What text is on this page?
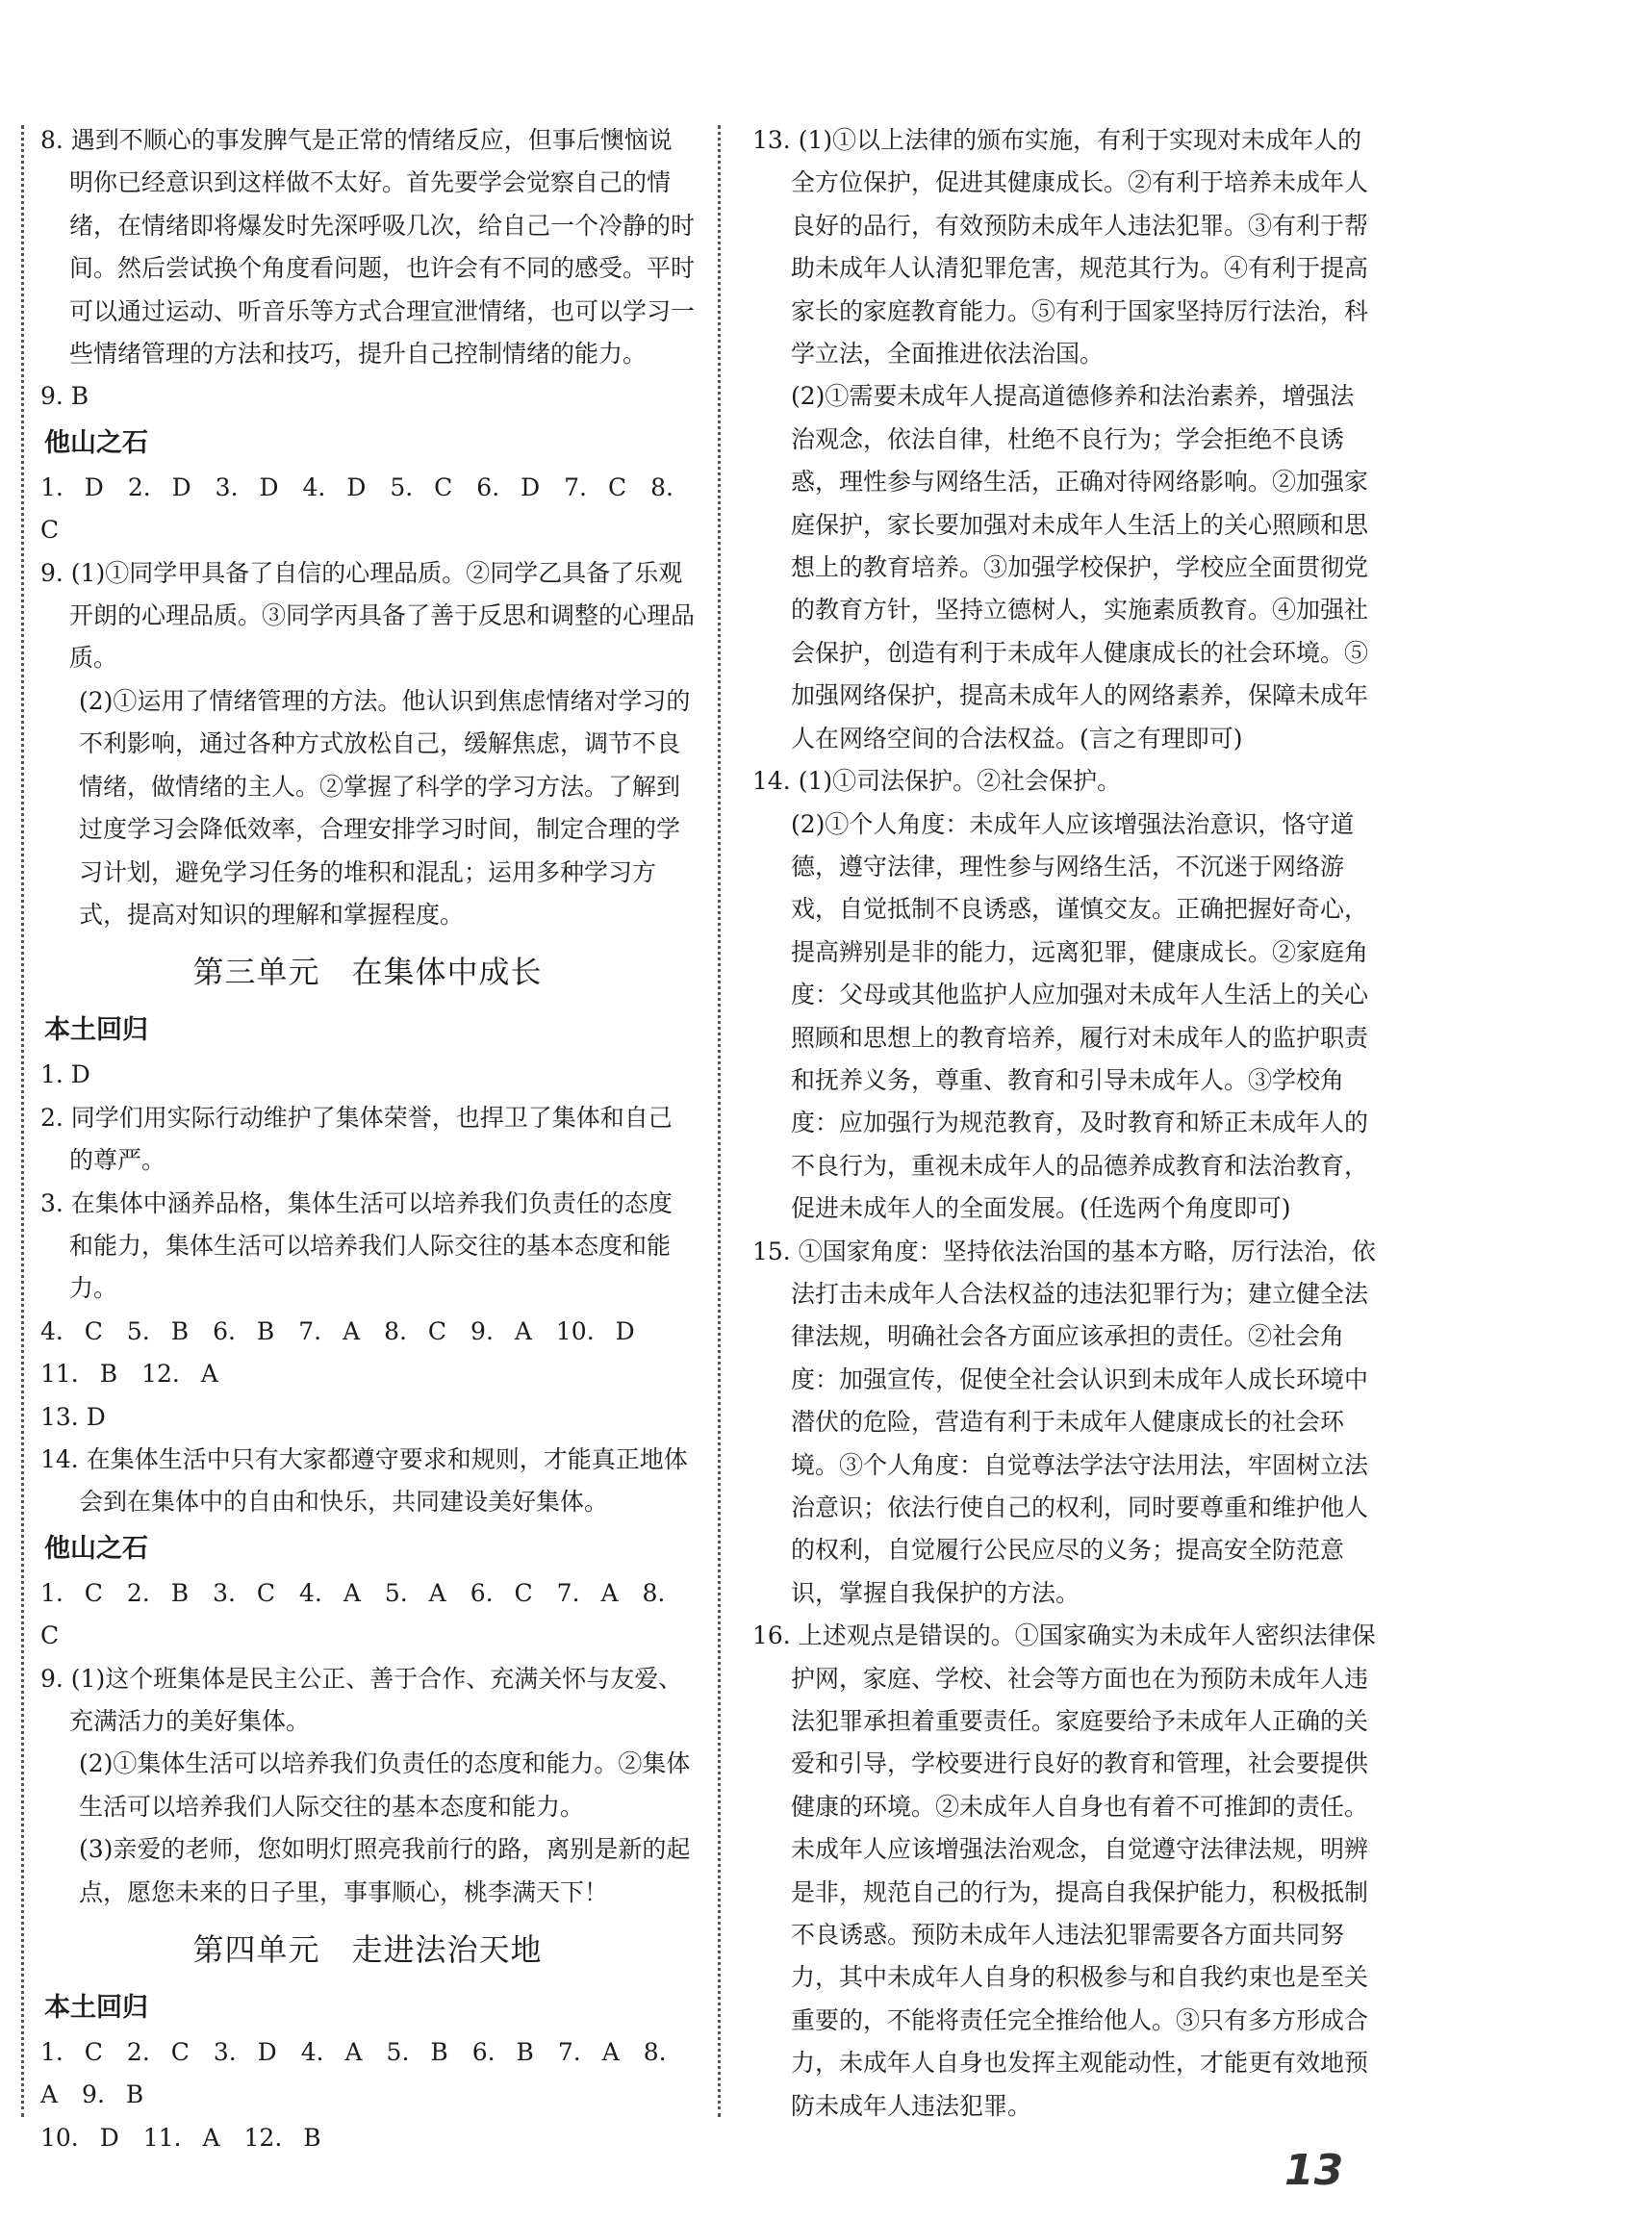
8. 遇到不顺心的事发脾气是正常的情绪反应，但事后懊恼说明你已经意识到这样做不太好。首先要学会觉察自己的情绪，在情绪即将爆发时先深呼吸几次，给自己一个冷静的时间。然后尝试换个角度看问题，也许会有不同的感受。平时可以通过运动、听音乐等方式合理宣泄情绪，也可以学习一些情绪管理的方法和技巧，提升自己控制情绪的能力。

9. B

他山之石

1. D　2. D　3. D　4. D　5. C　6. D　7. C　8. C

9. (1)①同学甲具备了自信的心理品质。②同学乙具备了乐观开朗的心理品质。③同学丙具备了善于反思和调整的心理品质。

(2)①运用了情绪管理的方法。他认识到焦虑情绪对学习的不利影响，通过各种方式放松自己，缓解焦虑，调节不良情绪，做情绪的主人。②掌握了科学的学习方法。了解到过度学习会降低效率，合理安排学习时间，制定合理的学习计划，避免学习任务的堆积和混乱；运用多种学习方式，提高对知识的理解和掌握程度。

第三单元　在集体中成长
本土回归

1. D

2. 同学们用实际行动维护了集体荣誉，也捍卫了集体和自己的尊严。

3. 在集体中涵养品格，集体生活可以培养我们负责任的态度和能力，集体生活可以培养我们人际交往的基本态度和能力。

4. C　5. B　6. B　7. A　8. C　9. A　10. D　11. B　12. A

13. D

14. 在集体生活中只有大家都遵守要求和规则，才能真正地体会到在集体中的自由和快乐，共同建设美好集体。

他山之石

1. C　2. B　3. C　4. A　5. A　6. C　7. A　8. C

9. (1)这个班集体是民主公正、善于合作、充满关怀与友爱、充满活力的美好集体。

(2)①集体生活可以培养我们负责任的态度和能力。②集体生活可以培养我们人际交往的基本态度和能力。

(3)亲爱的老师，您如明灯照亮我前行的路，离别是新的起点，愿您未来的日子里，事事顺心，桃李满天下！

第四单元　走进法治天地
本土回归

1. C　2. C　3. D　4. A　5. B　6. B　7. A　8. A　9. B

10. D　11. A　12. B

13. (1)①以上法律的颁布实施，有利于实现对未成年人的全方位保护，促进其健康成长。②有利于培养未成年人良好的品行，有效预防未成年人违法犯罪。③有利于帮助未成年人认清犯罪危害，规范其行为。④有利于提高家长的家庭教育能力。⑤有利于国家坚持厉行法治，科学立法，全面推进依法治国。

(2)①需要未成年人提高道德修养和法治素养，增强法治观念，依法自律，杜绝不良行为；学会拒绝不良诱惑，理性参与网络生活，正确对待网络影响。②加强家庭保护，家长要加强对未成年人生活上的关心照顾和思想上的教育培养。③加强学校保护，学校应全面贯彻党的教育方针，坚持立德树人，实施素质教育。④加强社会保护，创造有利于未成年人健康成长的社会环境。⑤加强网络保护，提高未成年人的网络素养，保障未成年人在网络空间的合法权益。(言之有理即可)

14. (1)①司法保护。②社会保护。

(2)①个人角度：未成年人应该增强法治意识，恪守道德，遵守法律，理性参与网络生活，不沉迷于网络游戏，自觉抵制不良诱惑，谨慎交友。正确把握好奇心，提高辨别是非的能力，远离犯罪，健康成长。②家庭角度：父母或其他监护人应加强对未成年人生活上的关心照顾和思想上的教育培养，履行对未成年人的监护职责和抚养义务，尊重、教育和引导未成年人。③学校角度：应加强行为规范教育，及时教育和矫正未成年人的不良行为，重视未成年人的品德养成教育和法治教育，促进未成年人的全面发展。(任选两个角度即可)

15. ①国家角度：坚持依法治国的基本方略，厉行法治，依法打击未成年人合法权益的违法犯罪行为；建立健全法律法规，明确社会各方面应该承担的责任。②社会角度：加强宣传，促使全社会认识到未成年人成长环境中潜伏的危险，营造有利于未成年人健康成长的社会环境。③个人角度：自觉尊法学法守法用法，牢固树立法治意识；依法行使自己的权利，同时要尊重和维护他人的权利，自觉履行公民应尽的义务；提高安全防范意识，掌握自我保护的方法。

16. 上述观点是错误的。①国家确实为未成年人密织法律保护网，家庭、学校、社会等方面也在为预防未成年人违法犯罪承担着重要责任。家庭要给予未成年人正确的关爱和引导，学校要进行良好的教育和管理，社会要提供健康的环境。②未成年人自身也有着不可推卸的责任。未成年人应该增强法治观念，自觉遵守法律法规，明辨是非，规范自己的行为，提高自我保护能力，积极抵制不良诱惑。预防未成年人违法犯罪需要各方面共同努力，其中未成年人自身的积极参与和自我约束也是至关重要的，不能将责任完全推给他人。③只有多方形成合力，未成年人自身也发挥主观能动性，才能更有效地预防未成年人违法犯罪。

13
